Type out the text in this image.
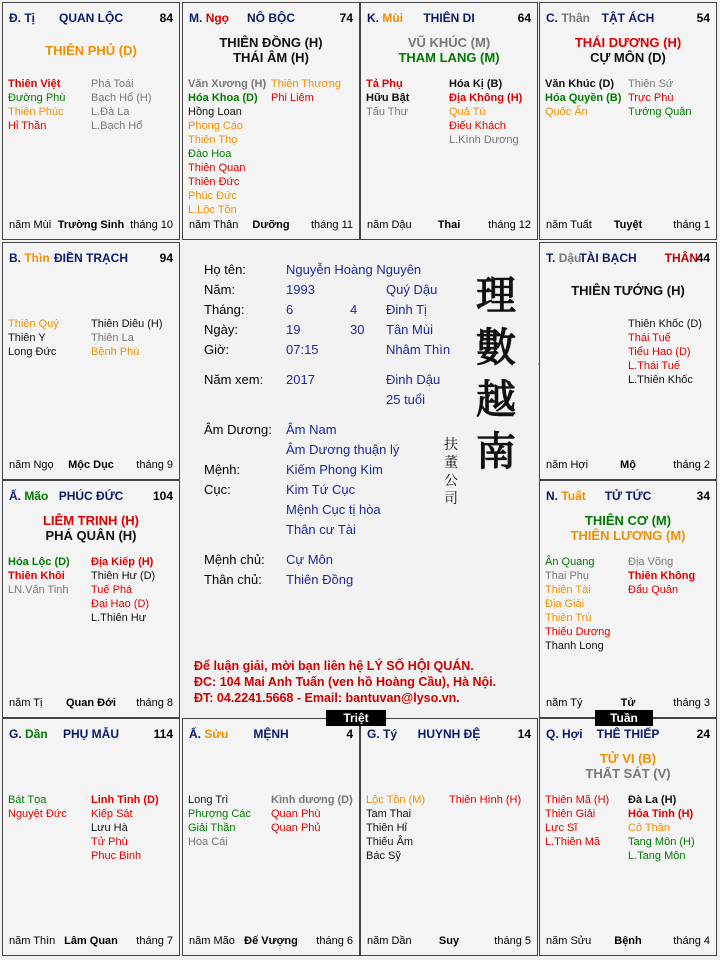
Họ tên:	Nguyễn Hoàng Nguyên
Năm:	1993	Quý Dậu
Tháng:	6	4 Đinh Tị
Ngày:	19	30 Tân Mùi
Giờ:	07:15	Nhâm Thìn
Năm xem: 2017	Đinh Dậu
25 tuổi
Âm Dương: Âm Nam
Âm Dương thuận lý
Mệnh:	Kiếm Phong Kim
Cục:	Kim Tứ Cục
Mệnh Cục tị hòa
Thân cư Tài
Mệnh chủ: Cự Môn
Thân chủ: Thiên Đồng
理
數
越
南
扶
董
公
司
Để luận giải, mời bạn liên hệ LÝ SỐ HỘI QUÁN.
ĐC: 104 Mai Anh Tuấn (ven hồ Hoàng Cầu), Hà Nội.
ĐT: 04.2241.5668 - Email: bantuvan@lyso.vn.
Đ. Tị	QUAN LỘC	84
THIÊN PHỦ (D)
Thiên Việt
Đường Phù
Thiên Phúc
Hỉ Thần
Phá Toái
Bạch Hổ (H)
L.Đà La
L.Bạch Hổ
năm Mùi Trường Sinh tháng 10
M. Ngọ	NÔ BỘC	74
THIÊN ĐỒNG (H)
THÁI ÂM (H)
Văn Xương (H)
Hóa Khoa (D)
Hồng Loan
Phong Cáo
Thiên Thọ
Đào Hoa
Thiên Quan
Thiên Đức
Phúc Đức
L.Lộc Tồn
Thiên Thương
Phi Liêm
năm Thân	Dưỡng	tháng 11
K. Mùi	THIÊN DI	64
VŨ KHÚC (M)
THAM LANG (M)
Tả Phụ
Hữu Bật
Tấu Thư
Hóa Kị (B)
Địa Không (H)
Quả Tú
Điếu Khách
L.Kình Dương
năm Dậu	Thai	tháng 12
C. Thân TẬT ÁCH	54
THÁI DƯƠNG (H)
CỰ MÔN (D)
Văn Khúc (D)
Hóa Quyền (B)
Quốc Ấn
Thiên Sứ
Trực Phù
Tướng Quân
năm Tuất	Tuyệt	tháng 1
T. Dậu
TÀI BẠCH	THÂN
44
THIÊN TƯỚNG (H)
Thiên Khốc (D)
Thái Tuế
Tiểu Hao (D)
L.Thái Tuế
L.Thiên Khốc
năm Hợi	Mộ	tháng 2
N. Tuất	TỬ TỨC	34
THIÊN CƠ (M)
THIÊN LƯƠNG (M)
Ân Quang
Thai Phụ
Thiên Tài
Địa Giải
Thiên Trù
Thiếu Dương
Thanh Long
Địa Võng
Thiên Không
Đẩu Quân
năm Tý	Tử	tháng 3
Q. Hợi	THÊ THIẾP	24
TỬ VI (B)
THẤT SÁT (V)
Thiên Mã (H)
Thiên Giải
Lực Sĩ
L.Thiên Mã
Đà La (H)
Hỏa Tinh (H)
Cô Thần
Tang Môn (H)
L.Tang Môn
năm Sửu	Bệnh	tháng 4
G. Tý	HUYNH ĐỆ	14
Lộc Tồn (M)
Tam Thai
Thiên Hỉ
Thiếu Âm
Bác Sỹ
Thiên Hình (H)
năm Dần	Suy	tháng 5
Ấ. Sửu	MỆNH	4
Long Trì
Phượng Các
Giải Thần
Hoa Cái
Kình dương (D)
Quan Phù
Quan Phủ
năm Mão Đế Vượng	tháng 6
G. Dần	PHỤ MẪU	114
Bát Tọa
Nguyệt Đức
Linh Tinh (D)
Kiếp Sát
Lưu Hà
Tử Phù
Phục Binh
năm Thìn Lâm Quan	tháng 7
Ấ. Mão PHÚC ĐỨC	104
LIÊM TRINH (H)
PHÁ QUÂN (H)
Hóa Lộc (D)
Thiên Khôi
LN.Văn Tinh
Địa Kiếp (H)
Thiên Hư (D)
Tuế Phá
Đại Hao (D)
L.Thiên Hư
năm Tị	Quan Đới	tháng 8
B. Thìn ĐIỀN TRẠCH	94
Thiên Quý
Thiên Y
Long Đức
Thiên Diêu (H)
Thiên La
Bệnh Phù
năm Ngọ	Mộc Dục	tháng 9
Triệt	Tuần
